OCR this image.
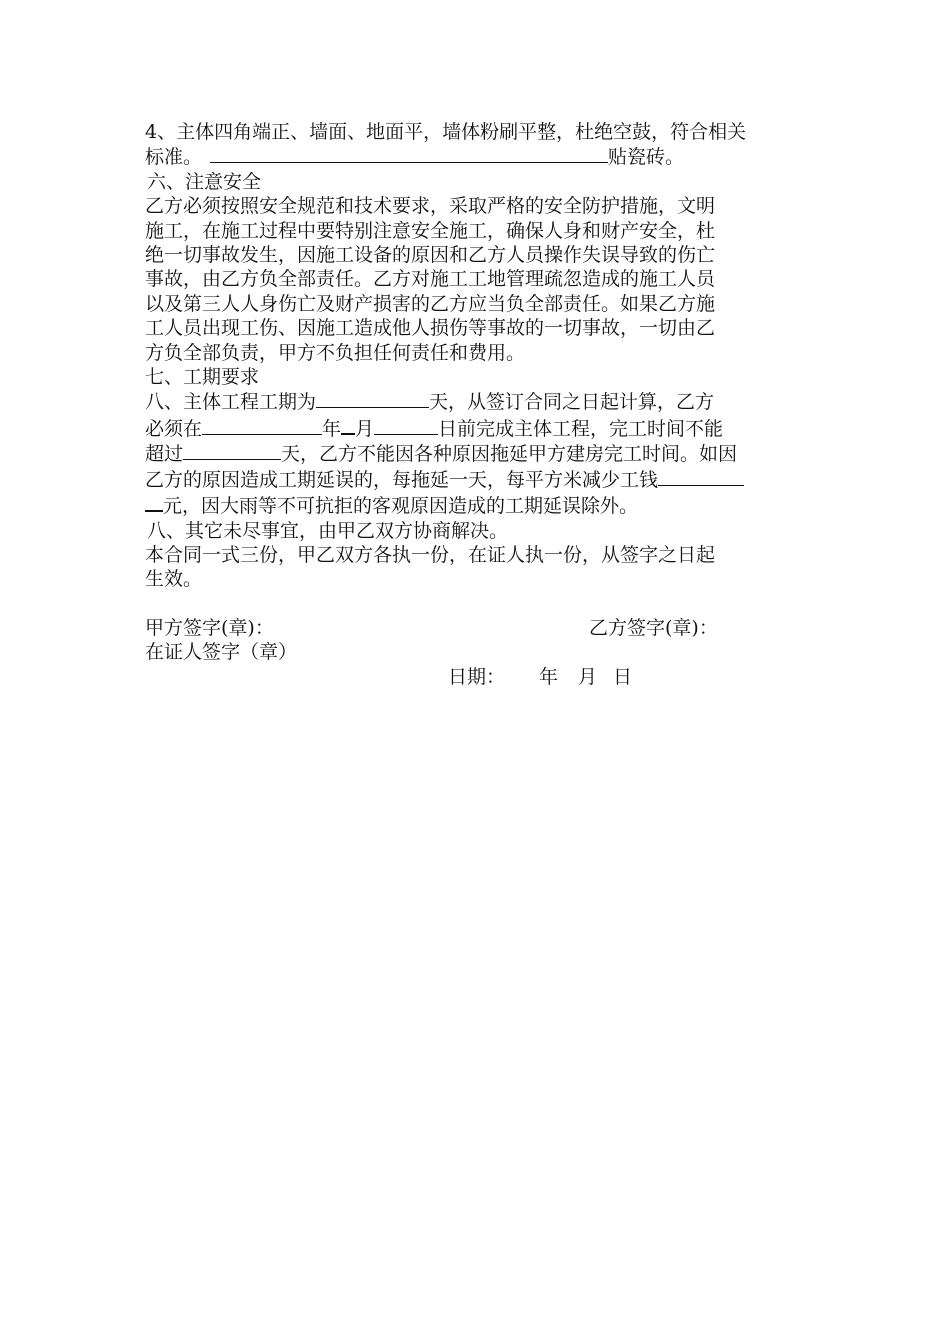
4、主体四角端正、墙面、地面平，墙体粉刷平整，杜绝空鼓，符合相关
标准。	贴瓷砖。
六、注意安全
乙方必须按照安全规范和技术要求，采取严格的安全防护措施，文明
施工，在施工过程中要特别注意安全施工，确保人身和财产安全，杜
绝一切事故发生，因施工设备的原因和乙方人员操作失误导致的伤亡
事故，由乙方负全部责任。乙方对施工工地管理疏忽造成的施工人员
以及第三人人身伤亡及财产损害的乙方应当负全部责任。如果乙方施
工人员出现工伤、因施工造成他人损伤等事故的一切事故，一切由乙
方负全部负责，甲方不负担任何责任和费用。
七、工期要求
八、主体工程工期为	天，从签订合同之日起计算，乙方
必须在	年 月	日前完成主体工程，完工时间不能
超过	天，乙方不能因各种原因拖延甲方建房完工时间。如因
乙方的原因造成工期延误的，每拖延一天，每平方米减少工钱
元，因大雨等不可抗拒的客观原因造成的工期延误除外。
八、其它未尽事宜，由甲乙双方协商解决。
本合同一式三份，甲乙双方各执一份，在证人执一份，从签字之日起
生效。
甲方签字(章)：	乙方签字(章)：
在证人签字（章）
日期： 年 月 日
